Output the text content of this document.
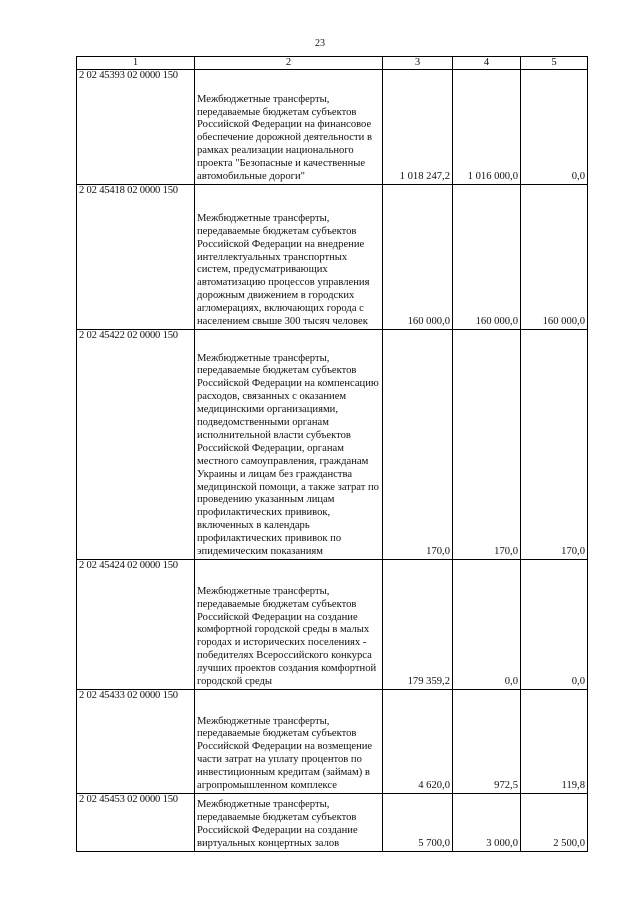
23
1	2	3	4	5
2 02 45393 02 0000 150	Межбюджетные трансферты, передаваемые бюджетам субъектов Российской Федерации на финансовое обеспечение дорожной деятельности в рамках реализации национального проекта "Безопасные и качественные автомобильные дороги"	1 018 247,2	1 016 000,0	0,0
2 02 45418 02 0000 150	Межбюджетные трансферты, передаваемые бюджетам субъектов Российской Федерации на внедрение интеллектуальных транспортных систем, предусматривающих автоматизацию процессов управления дорожным движением в городских агломерациях, включающих города с населением свыше 300 тысяч человек	160 000,0	160 000,0	160 000,0
2 02 45422 02 0000 150	Межбюджетные трансферты, передаваемые бюджетам субъектов Российской Федерации на компенсацию расходов, связанных с оказанием медицинскими организациями, подведомственными органам исполнительной власти субъектов Российской Федерации, органам местного самоуправления, гражданам Украины и лицам без гражданства медицинской помощи, а также затрат по проведению указанным лицам профилактических прививок, включенных в календарь профилактических прививок по эпидемическим показаниям	170,0	170,0	170,0
2 02 45424 02 0000 150	Межбюджетные трансферты, передаваемые бюджетам субъектов Российской Федерации на создание комфортной городской среды в малых городах и исторических поселениях - победителях Всероссийского конкурса лучших проектов создания комфортной городской среды	179 359,2	0,0	0,0
2 02 45433 02 0000 150	Межбюджетные трансферты, передаваемые бюджетам субъектов Российской Федерации на возмещение части затрат на уплату процентов по инвестиционным кредитам (займам) в агропромышленном комплексе	4 620,0	972,5	119,8
2 02 45453 02 0000 150	Межбюджетные трансферты, передаваемые бюджетам субъектов Российской Федерации на создание виртуальных концертных залов	5 700,0	3 000,0	2 500,0
